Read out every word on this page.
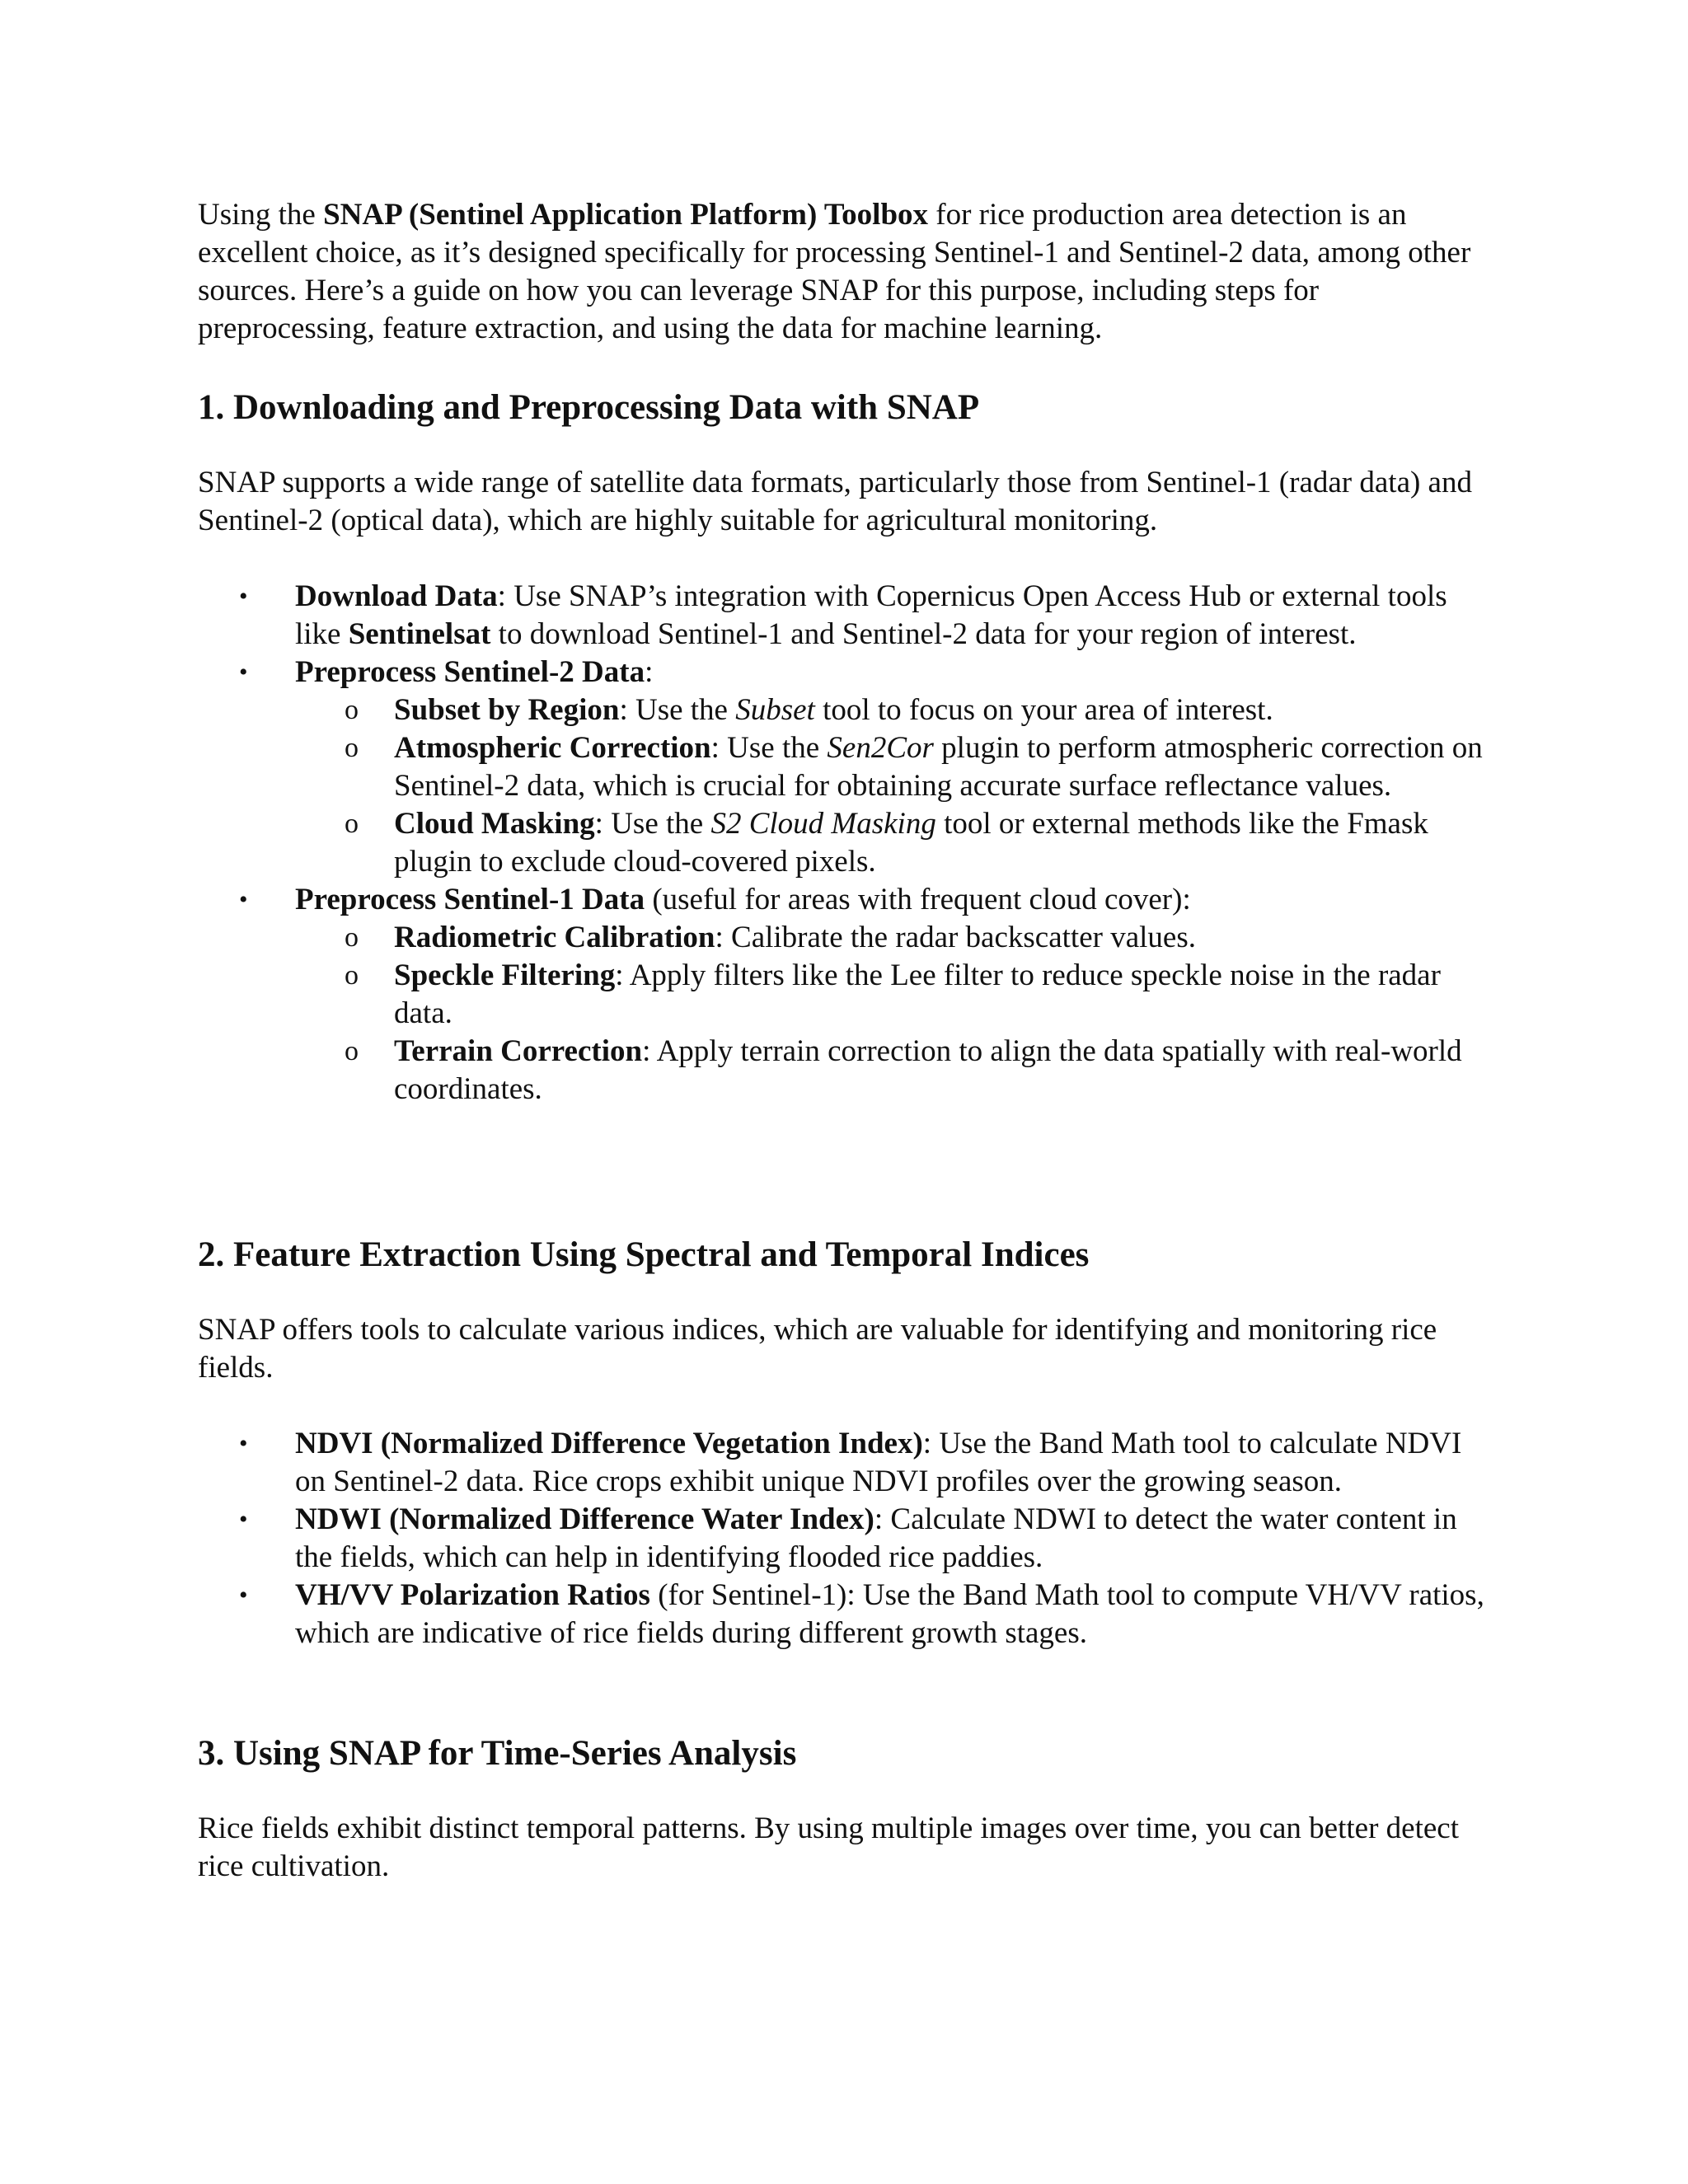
Using the SNAP (Sentinel Application Platform) Toolbox for rice production area detection is an excellent choice, as it’s designed specifically for processing Sentinel-1 and Sentinel-2 data, among other sources. Here’s a guide on how you can leverage SNAP for this purpose, including steps for preprocessing, feature extraction, and using the data for machine learning.

1. Downloading and Preprocessing Data with SNAP

SNAP supports a wide range of satellite data formats, particularly those from Sentinel-1 (radar data) and Sentinel-2 (optical data), which are highly suitable for agricultural monitoring.

• Download Data: Use SNAP’s integration with Copernicus Open Access Hub or external tools like Sentinelsat to download Sentinel-1 and Sentinel-2 data for your region of interest.
• Preprocess Sentinel-2 Data:
o Subset by Region: Use the Subset tool to focus on your area of interest.
o Atmospheric Correction: Use the Sen2Cor plugin to perform atmospheric correction on Sentinel-2 data, which is crucial for obtaining accurate surface reflectance values.
o Cloud Masking: Use the S2 Cloud Masking tool or external methods like the Fmask plugin to exclude cloud-covered pixels.
• Preprocess Sentinel-1 Data (useful for areas with frequent cloud cover):
o Radiometric Calibration: Calibrate the radar backscatter values.
o Speckle Filtering: Apply filters like the Lee filter to reduce speckle noise in the radar data.
o Terrain Correction: Apply terrain correction to align the data spatially with real-world coordinates.
2. Feature Extraction Using Spectral and Temporal Indices

SNAP offers tools to calculate various indices, which are valuable for identifying and monitoring rice fields.

• NDVI (Normalized Difference Vegetation Index): Use the Band Math tool to calculate NDVI on Sentinel-2 data. Rice crops exhibit unique NDVI profiles over the growing season.
• NDWI (Normalized Difference Water Index): Calculate NDWI to detect the water content in the fields, which can help in identifying flooded rice paddies.
• VH/VV Polarization Ratios (for Sentinel-1): Use the Band Math tool to compute VH/VV ratios, which are indicative of rice fields during different growth stages.
3. Using SNAP for Time-Series Analysis

Rice fields exhibit distinct temporal patterns. By using multiple images over time, you can better detect rice cultivation.
